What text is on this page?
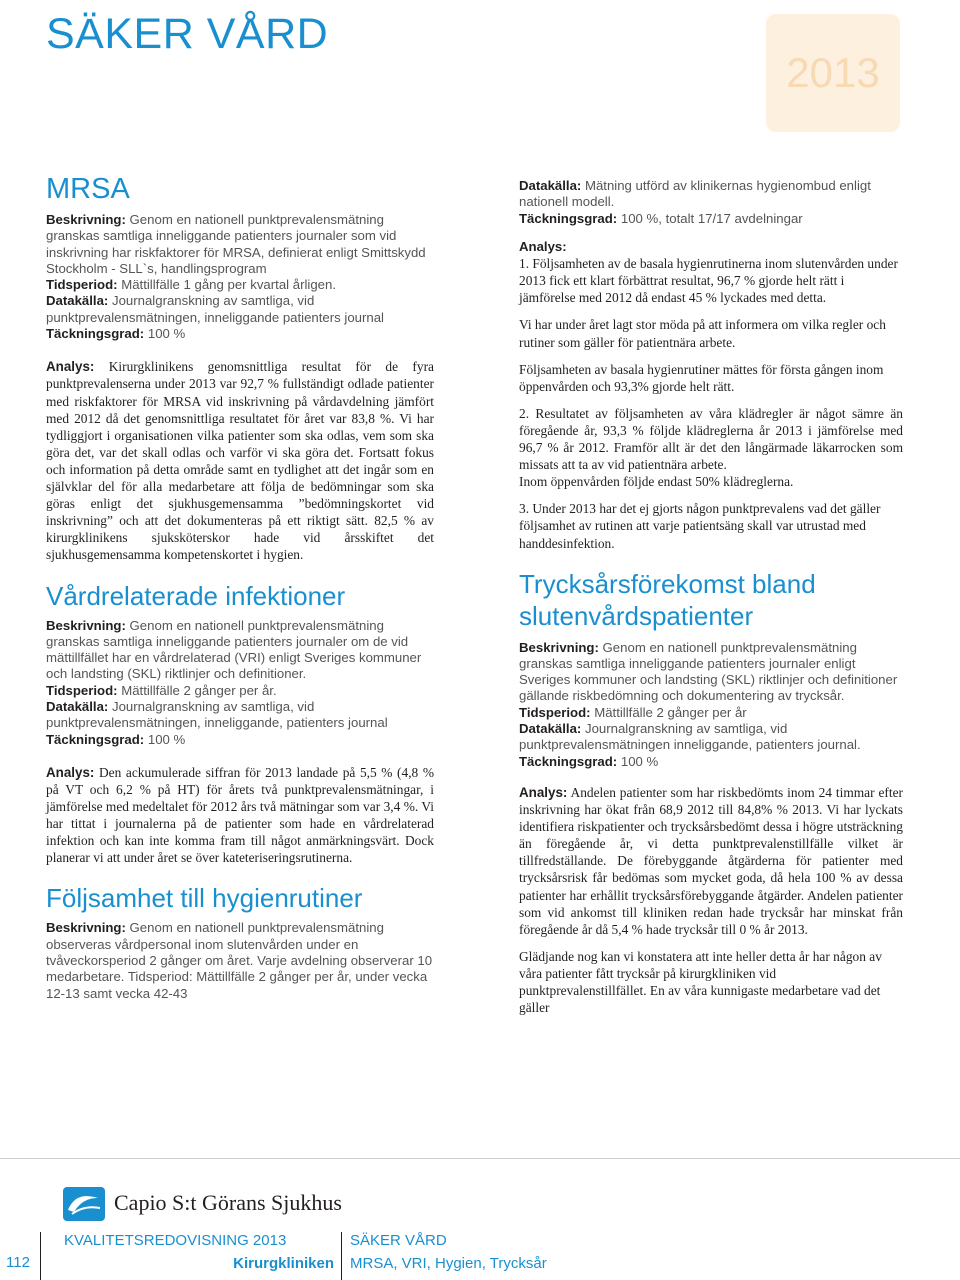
SÄKER VÅRD
2013
MRSA

Beskrivning: Genom en nationell punktprevalensmätning granskas samtliga inneliggande patienters journaler som vid inskrivning har riskfaktorer för MRSA, definierat enligt Smittskydd Stockholm - SLL`s, handlingsprogram

Tidsperiod: Mättillfälle 1 gång per kvartal årligen.

Datakälla: Journalgranskning av samtliga, vid punktprevalensmätningen, inneliggande patienters journal

Täckningsgrad: 100 %

Analys: Kirurgklinikens genomsnittliga resultat för de fyra punktprevalenserna under 2013 var 92,7 % fullständigt odlade patienter med riskfaktorer för MRSA vid inskrivning på vårdavdelning jämfört med 2012 då det genomsnittliga resultatet för året var 83,8 %. Vi har tydliggjort i organisationen vilka patienter som ska odlas, vem som ska göra det, var det skall odlas och varför vi ska göra det. Fortsatt fokus och information på detta område samt en tydlighet att det ingår som en självklar del för alla medarbetare att följa de bedömningar som ska göras enligt det sjukhusgemensamma ”bedömningskortet vid inskrivning” och att det dokumenteras på ett riktigt sätt. 82,5 % av kirurgklinikens sjuksköterskor hade vid årsskiftet det sjukhusgemensamma kompetenskortet i hygien.

Vårdrelaterade infektioner

Beskrivning: Genom en nationell punktprevalensmätning granskas samtliga inneliggande patienters journaler om de vid mättillfället har en vårdrelaterad (VRI) enligt Sveriges kommuner och landsting (SKL) riktlinjer och definitioner.

Tidsperiod: Mättillfälle 2 gånger per år.

Datakälla: Journalgranskning av samtliga, vid punktprevalensmätningen, inneliggande, patienters journal

Täckningsgrad: 100 %

Analys: Den ackumulerade siffran för 2013 landade på 5,5 % (4,8 % på VT och 6,2 % på HT) för årets två punktprevalensmätningar, i jämförelse med medeltalet för 2012 års två mätningar som var 3,4 %. Vi har tittat i journalerna på de patienter som hade en vårdrelaterad infektion och kan inte komma fram till något anmärkningsvärt. Dock planerar vi att under året se över kateteriseringsrutinerna.

Följsamhet till hygienrutiner

Beskrivning: Genom en nationell punktprevalensmätning observeras vårdpersonal inom slutenvården under en tvåveckorsperiod 2 gånger om året. Varje avdelning observerar 10 medarbetare. Tidsperiod: Mättillfälle 2 gånger per år, under vecka 12-13 samt vecka 42-43

Datakälla: Mätning utförd av klinikernas hygienombud enligt nationell modell.

Täckningsgrad: 100 %, totalt 17/17 avdelningar

Analys:

1. Följsamheten av de basala hygienrutinerna inom slutenvården under 2013 fick ett klart förbättrat resultat, 96,7 % gjorde helt rätt i jämförelse med 2012 då endast 45 % lyckades med detta.

Vi har under året lagt stor möda på att informera om vilka regler och rutiner som gäller för patientnära arbete.

Följsamheten av basala hygienrutiner mättes för första gången inom öppenvården och 93,3% gjorde helt rätt.

2. Resultatet av följsamheten av våra klädregler är något sämre än föregående år, 93,3 % följde klädreglerna år 2013 i jämförelse med 96,7 % år 2012. Framför allt är det den långärmade läkarrocken som missats att ta av vid patientnära arbete.

Inom öppenvården följde endast 50% klädreglerna.

3. Under 2013 har det ej gjorts någon punktprevalens vad det gäller följsamhet av rutinen att varje patientsäng skall var utrustad med handdesinfektion.

Trycksårsförekomst bland slutenvårdspatienter

Beskrivning: Genom en nationell punktprevalensmätning granskas samtliga inneliggande patienters journaler enligt Sveriges kommuner och landsting (SKL) riktlinjer och definitioner gällande riskbedömning och dokumentering av trycksår.

Tidsperiod: Mättillfälle 2 gånger per år

Datakälla: Journalgranskning av samtliga, vid punktprevalensmätningen inneliggande, patienters journal.

Täckningsgrad: 100 %

Analys: Andelen patienter som har riskbedömts inom 24 timmar efter inskrivning har ökat från 68,9 2012 till 84,8% % 2013. Vi har lyckats identifiera riskpatienter och trycksårsbedömt dessa i högre utsträckning än föregående år, vi detta punktprevalenstillfälle vilket är tillfredställande. De förebyggande åtgärderna för patienter med trycksårsrisk får bedömas som mycket goda, då hela 100 % av dessa patienter har erhållit trycksårsförebyggande åtgärder. Andelen patienter som vid ankomst till kliniken redan hade trycksår har minskat från föregående år då 5,4 % hade trycksår till 0 % år 2013.

Glädjande nog kan vi konstatera att inte heller detta år har någon av våra patienter fått trycksår på kirurgkliniken vid punktprevalenstillfället. En av våra kunnigaste medarbetare vad det gäller

Capio S:t Görans Sjukhus
112
KVALITETSREDOVISNING 2013
Kirurgkliniken
SÄKER VÅRD
MRSA, VRI, Hygien, Trycksår
